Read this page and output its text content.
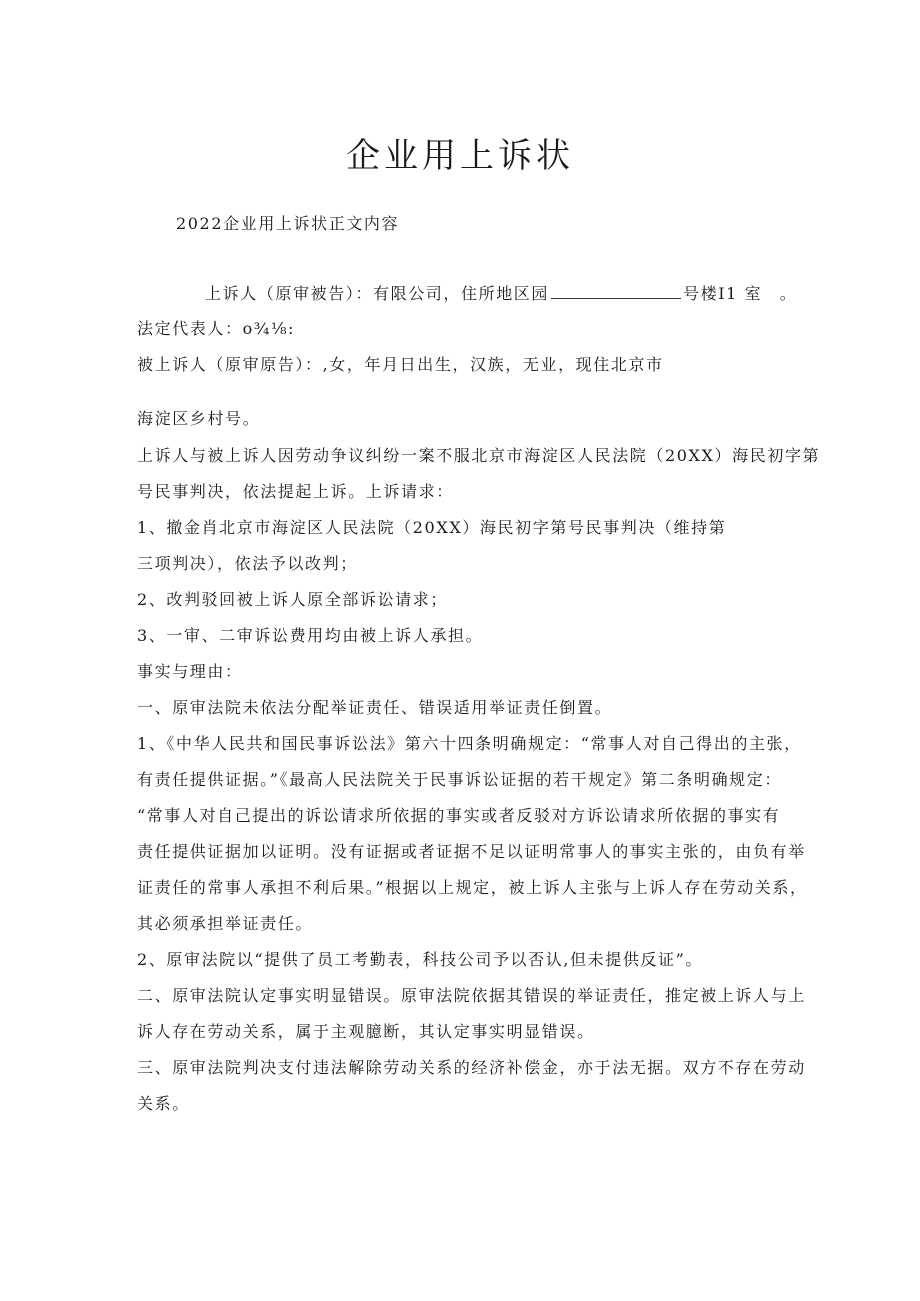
企业用上诉状
2022企业用上诉状正文内容
上诉人（原审被告）：有限公司，住所地区园	号楼I1 室　。
法定代表人：o¾⅛:
被上诉人（原审原告）：,女，年月日出生，汉族，无业，现住北京市
海淀区乡村号。
上诉人与被上诉人因劳动争议纠纷一案不服北京市海淀区人民法院（20XX）海民初字第
号民事判决，依法提起上诉。上诉请求：
1、撤金肖北京市海淀区人民法院（20XX）海民初字第号民事判决（维持第
三项判决），依法予以改判；
2、改判驳回被上诉人原全部诉讼请求；
3、一审、二审诉讼费用均由被上诉人承担。
事实与理由：
一、原审法院未依法分配举证责任、错误适用举证责任倒置。
1、《中华人民共和国民事诉讼法》第六十四条明确规定：“常事人对自己得出的主张，
有责任提供证据。”《最高人民法院关于民事诉讼证据的若干规定》第二条明确规定：
“常事人对自己提出的诉讼请求所依据的事实或者反驳对方诉讼请求所依据的事实有
责任提供证据加以证明。没有证据或者证据不足以证明常事人的事实主张的，由负有举
证责任的常事人承担不利后果。”根据以上规定，被上诉人主张与上诉人存在劳动关系，
其必须承担举证责任。
2、原审法院以“提供了员工考勤表，科技公司予以否认,但未提供反证”。
二、原审法院认定事实明显错误。原审法院依据其错误的举证责任，推定被上诉人与上
诉人存在劳动关系，属于主观臆断，其认定事实明显错误。
三、原审法院判决支付违法解除劳动关系的经济补偿金，亦于法无据。双方不存在劳动
关系。
